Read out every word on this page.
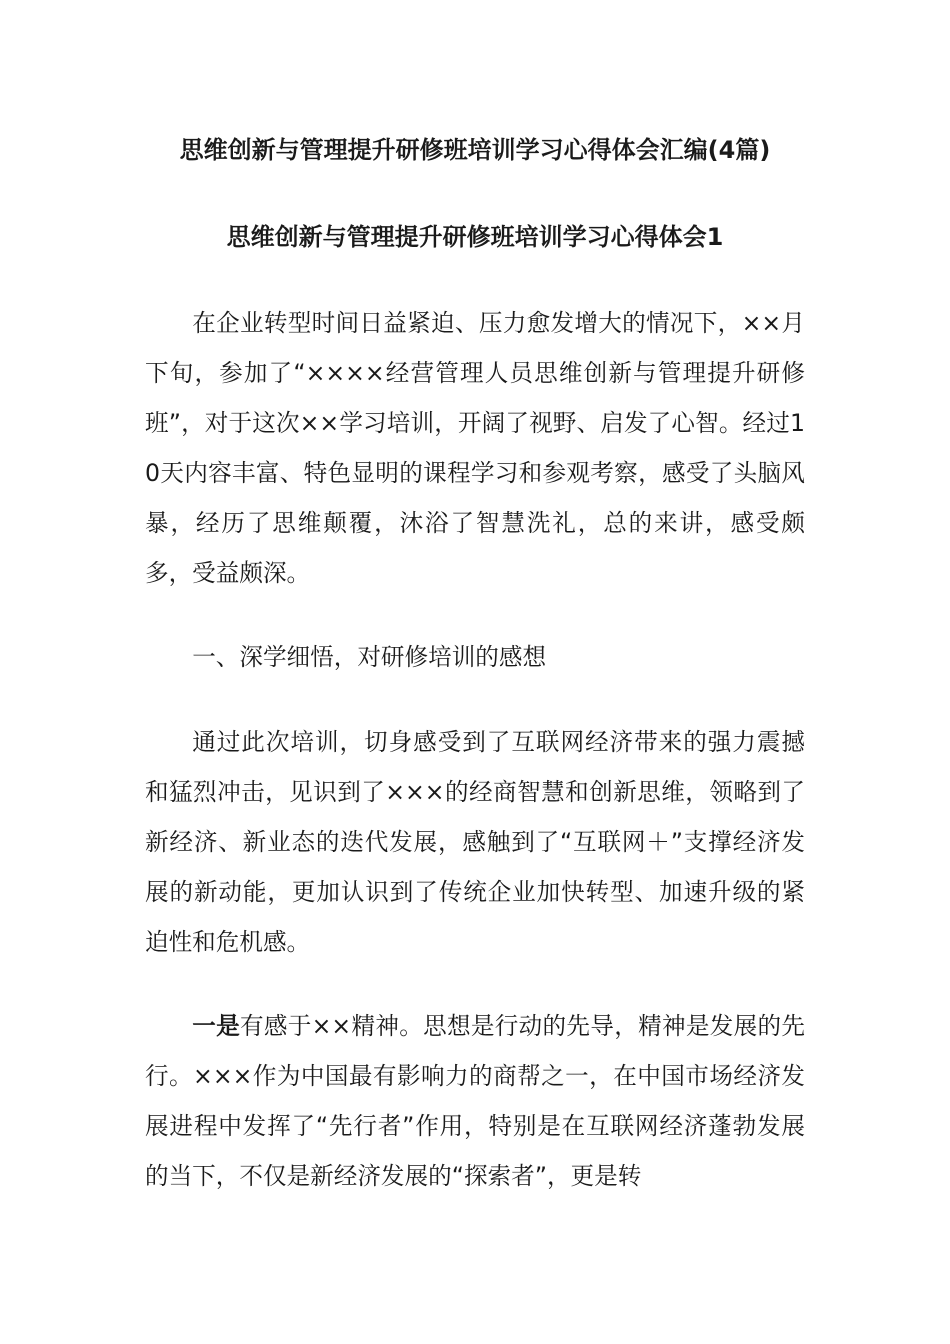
思维创新与管理提升研修班培训学习心得体会汇编(4篇)
思维创新与管理提升研修班培训学习心得体会1

在企业转型时间日益紧迫、压力愈发增大的情况下，××月下旬，参加了“××××经营管理人员思维创新与管理提升研修班”，对于这次××学习培训，开阔了视野、启发了心智。经过10天内容丰富、特色显明的课程学习和参观考察，感受了头脑风暴，经历了思维颠覆，沐浴了智慧洗礼，总的来讲，感受颇多，受益颇深。

一、深学细悟，对研修培训的感想

通过此次培训，切身感受到了互联网经济带来的强力震撼和猛烈冲击，见识到了×××的经商智慧和创新思维，领略到了新经济、新业态的迭代发展，感触到了“互联网＋”支撑经济发展的新动能，更加认识到了传统企业加快转型、加速升级的紧迫性和危机感。

一是有感于××精神。思想是行动的先导，精神是发展的先行。×××作为中国最有影响力的商帮之一，在中国市场经济发展进程中发挥了“先行者”作用，特别是在互联网经济蓬勃发展的当下，不仅是新经济发展的“探索者”，更是转
